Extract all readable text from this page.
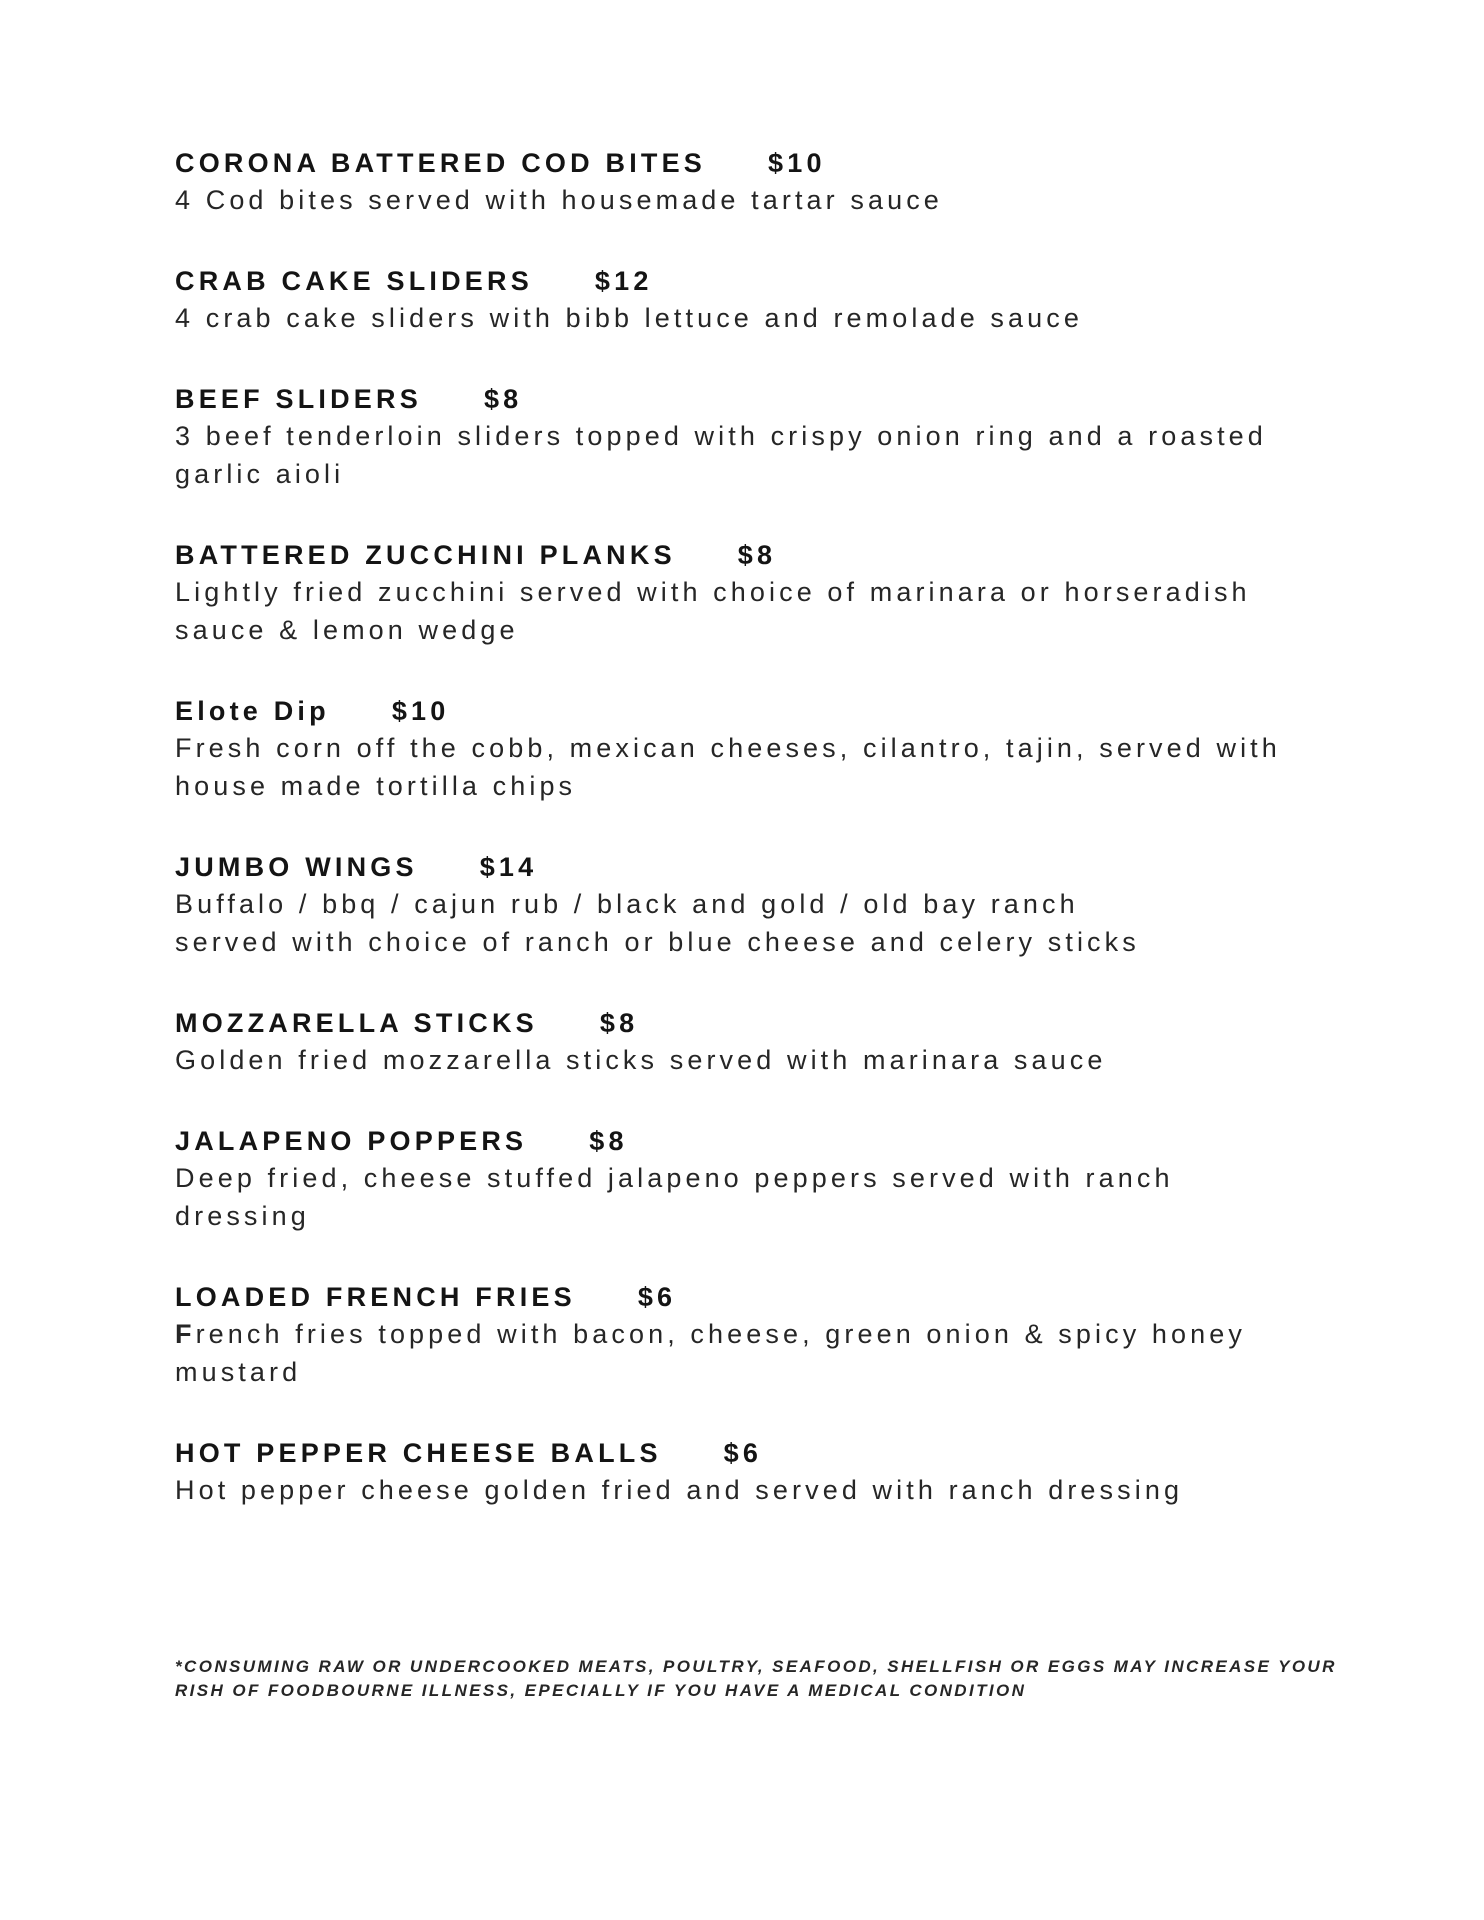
CORONA BATTERED COD BITES $10
4 Cod bites served with housemade tartar sauce
CRAB CAKE SLIDERS $12
4 crab cake sliders with bibb lettuce and remolade sauce
BEEF SLIDERS $8
3 beef tenderloin sliders topped with crispy onion ring and a roasted
garlic aioli
BATTERED ZUCCHINI PLANKS $8
Lightly fried zucchini served with choice of marinara or horseradish
sauce & lemon wedge
Elote Dip $10
Fresh corn off the cobb, mexican cheeses, cilantro, tajin, served with
house made tortilla chips
JUMBO WINGS $14
Buffalo / bbq / cajun rub / black and gold / old bay ranch
served with choice of ranch or blue cheese and celery sticks
MOZZARELLA STICKS $8
Golden fried mozzarella sticks served with marinara sauce
JALAPENO POPPERS $8
Deep fried, cheese stuffed jalapeno peppers served with ranch
dressing
LOADED FRENCH FRIES $6
French fries topped with bacon, cheese, green onion & spicy honey
mustard
HOT PEPPER CHEESE BALLS $6
Hot pepper cheese golden fried and served with ranch dressing
*CONSUMING RAW OR UNDERCOOKED MEATS, POULTRY, SEAFOOD, SHELLFISH OR EGGS MAY INCREASE YOUR
RISH OF FOODBOURNE ILLNESS, EPECIALLY IF YOU HAVE A MEDICAL CONDITION
